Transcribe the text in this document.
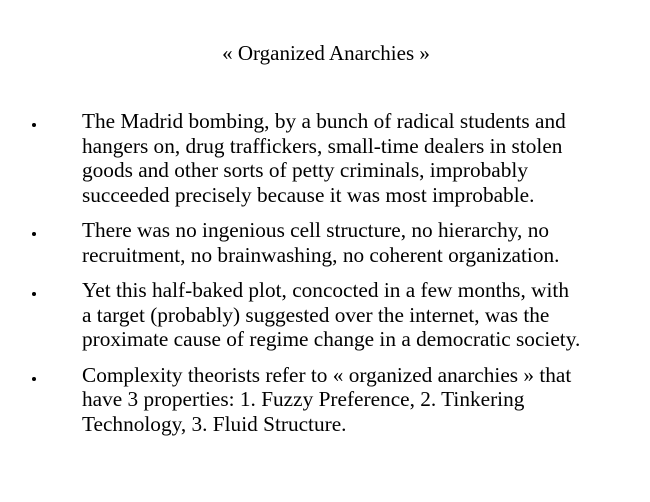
« Organized Anarchies »
The Madrid bombing, by a bunch of radical students and
hangers on, drug traffickers, small-time dealers in stolen
goods and other sorts of petty criminals, improbably
succeeded precisely because it was most improbable.
There was no ingenious cell structure, no hierarchy, no
recruitment, no brainwashing, no coherent organization.
Yet this half-baked plot, concocted in a few months, with
a target (probably) suggested over the internet, was the
proximate cause of regime change in a democratic society.
Complexity theorists refer to « organized anarchies » that
have 3 properties: 1. Fuzzy Preference, 2. Tinkering
Technology, 3. Fluid Structure.
